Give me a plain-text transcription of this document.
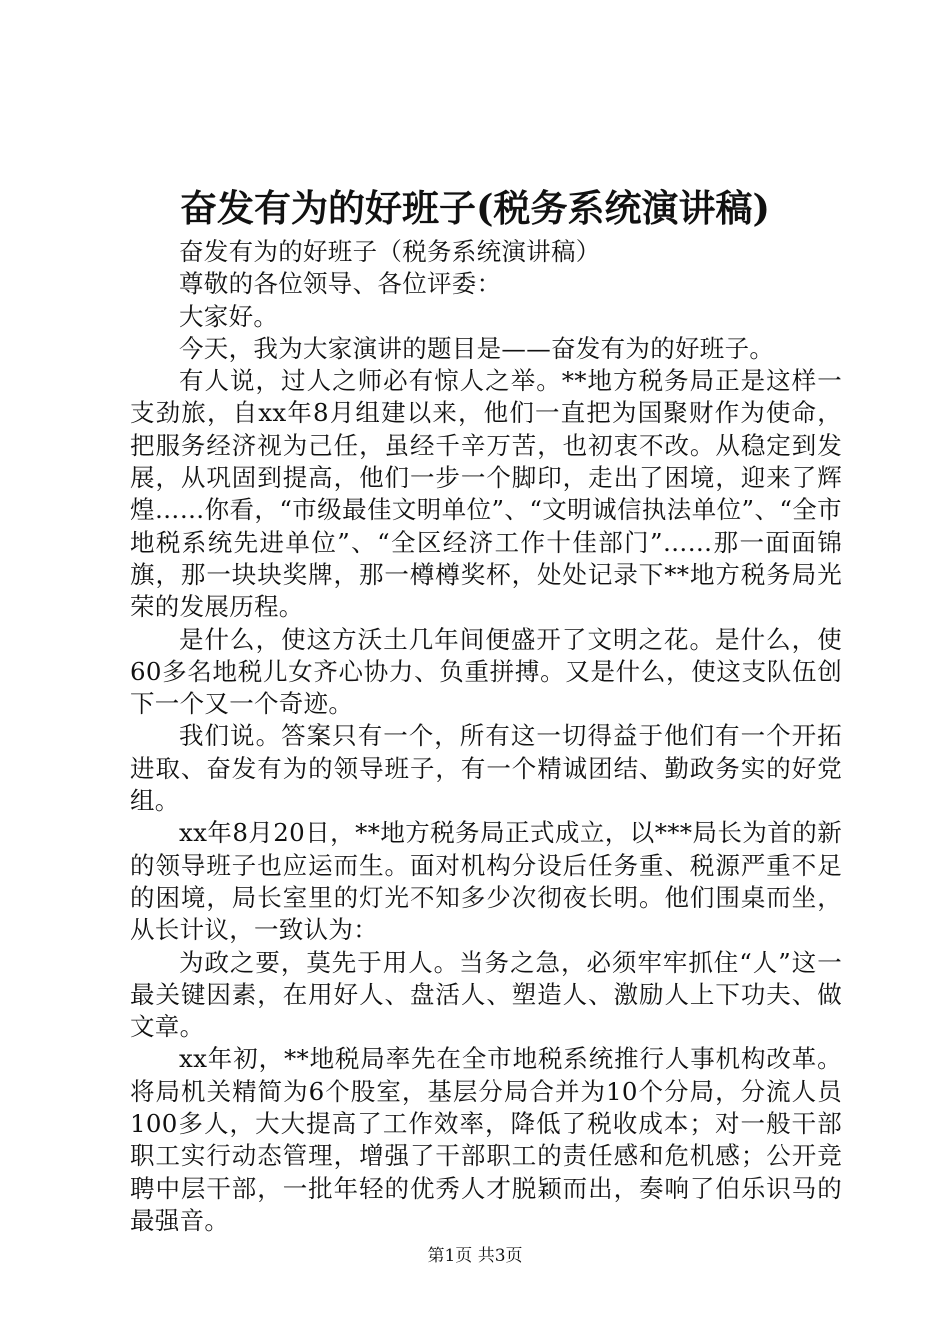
奋发有为的好班子(税务系统演讲稿)

奋发有为的好班子（税务系统演讲稿）

尊敬的各位领导、各位评委：

大家好。

今天，我为大家演讲的题目是——奋发有为的好班子。

有人说，过人之师必有惊人之举。**地方税务局正是这样一支劲旅，自xx年8月组建以来，他们一直把为国聚财作为使命，把服务经济视为己任，虽经千辛万苦，也初衷不改。从稳定到发展，从巩固到提高，他们一步一个脚印，走出了困境，迎来了辉煌……你看，“市级最佳文明单位”、“文明诚信执法单位”、“全市地税系统先进单位”、“全区经济工作十佳部门”……那一面面锦旗，那一块块奖牌，那一樽樽奖杯，处处记录下**地方税务局光荣的发展历程。

是什么，使这方沃土几年间便盛开了文明之花。是什么，使60多名地税儿女齐心协力、负重拼搏。又是什么，使这支队伍创下一个又一个奇迹。

我们说。答案只有一个，所有这一切得益于他们有一个开拓进取、奋发有为的领导班子，有一个精诚团结、勤政务实的好党组。

xx年8月20日，**地方税务局正式成立，以***局长为首的新的领导班子也应运而生。面对机构分设后任务重、税源严重不足的困境，局长室里的灯光不知多少次彻夜长明。他们围桌而坐，从长计议，一致认为：

为政之要，莫先于用人。当务之急，必须牢牢抓住“人”这一最关键因素，在用好人、盘活人、塑造人、激励人上下功夫、做文章。

xx年初，**地税局率先在全市地税系统推行人事机构改革。将局机关精简为6个股室，基层分局合并为10个分局，分流人员100多人，大大提高了工作效率，降低了税收成本；对一般干部职工实行动态管理，增强了干部职工的责任感和危机感；公开竞聘中层干部，一批年轻的优秀人才脱颖而出，奏响了伯乐识马的最强音。

第1页 共3页
